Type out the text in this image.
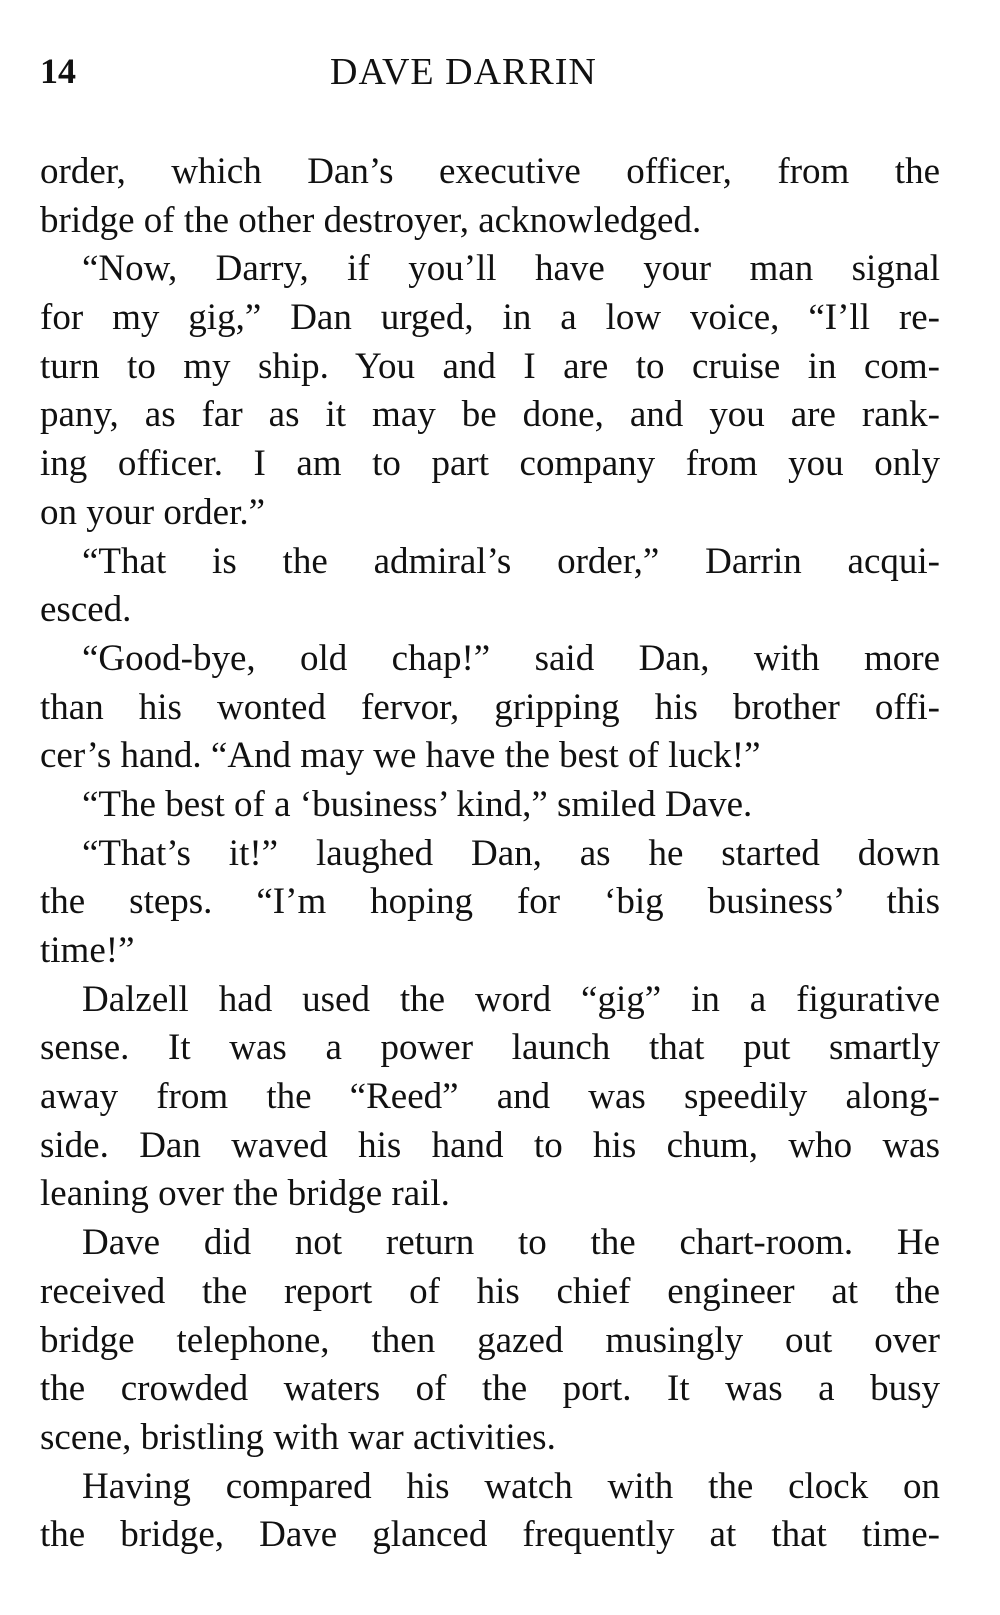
14	DAVE DARRIN
order, which Dan’s executive officer, from the
bridge of the other destroyer, acknowledged.
“Now, Darry, if you’ll have your man signal
for my gig,” Dan urged, in a low voice, “I’ll re-
turn to my ship. You and I are to cruise in com-
pany, as far as it may be done, and you are rank-
ing officer. I am to part company from you only
on your order.”
“That is the admiral’s order,” Darrin acqui-
esced.
“Good-bye, old chap!” said Dan, with more
than his wonted fervor, gripping his brother offi-
cer’s hand. “And may we have the best of luck!”
“The best of a ‘business’ kind,” smiled Dave.
“That’s it!” laughed Dan, as he started down
the steps. “I’m hoping for ‘big business’ this
time!”
Dalzell had used the word “gig” in a figurative
sense. It was a power launch that put smartly
away from the “Reed” and was speedily along-
side. Dan waved his hand to his chum, who was
leaning over the bridge rail.
Dave did not return to the chart-room. He
received the report of his chief engineer at the
bridge telephone, then gazed musingly out over
the crowded waters of the port. It was a busy
scene, bristling with war activities.
Having compared his watch with the clock on
the bridge, Dave glanced frequently at that time-
